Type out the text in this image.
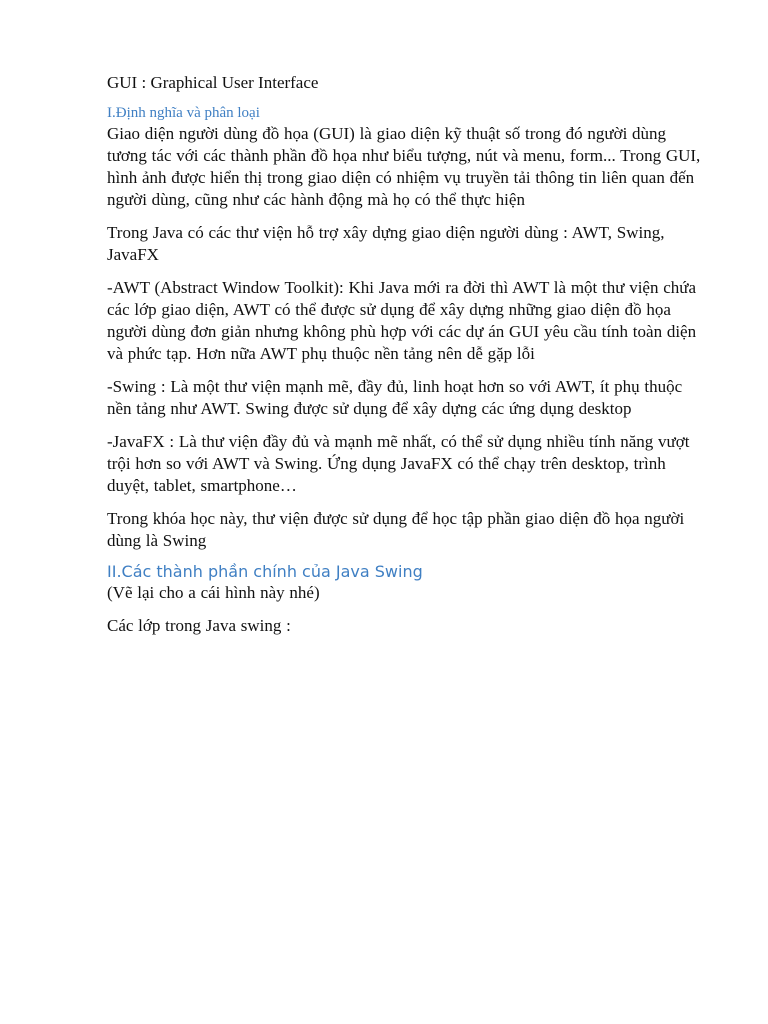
GUI : Graphical User Interface
I.Định nghĩa và phân loại
Giao diện người dùng đồ họa (GUI) là giao diện kỹ thuật số trong đó người dùng tương tác với các thành phần đồ họa như biểu tượng, nút và menu, form... Trong GUI, hình ảnh được hiển thị trong giao diện có nhiệm vụ truyền tải thông tin liên quan đến người dùng, cũng như các hành động mà họ có thể thực hiện
Trong Java có các thư viện hỗ trợ xây dựng giao diện người dùng : AWT, Swing, JavaFX
-AWT (Abstract Window Toolkit): Khi Java mới ra đời thì AWT là một thư viện chứa các lớp giao diện, AWT có thể được sử dụng để xây dựng những giao diện đồ họa người dùng đơn giản nhưng không phù hợp với các dự án GUI yêu cầu tính toàn diện và phức tạp. Hơn nữa AWT phụ thuộc nền tảng nên dễ gặp lỗi
-Swing : Là một thư viện mạnh mẽ, đầy đủ, linh hoạt hơn so với AWT, ít phụ thuộc nền tảng như AWT. Swing được sử dụng để xây dựng các ứng dụng desktop
-JavaFX : Là thư viện đầy đủ và mạnh mẽ nhất, có thể sử dụng nhiều tính năng vượt trội hơn so với AWT và Swing. Ứng dụng JavaFX có thể chạy trên desktop, trình duyệt, tablet, smartphone…
Trong khóa học này, thư viện được sử dụng để học tập phần giao diện đồ họa người dùng là Swing
II.Các thành phần chính của Java Swing
(Vẽ lại cho a cái hình này nhé)
Các lớp trong Java swing :
